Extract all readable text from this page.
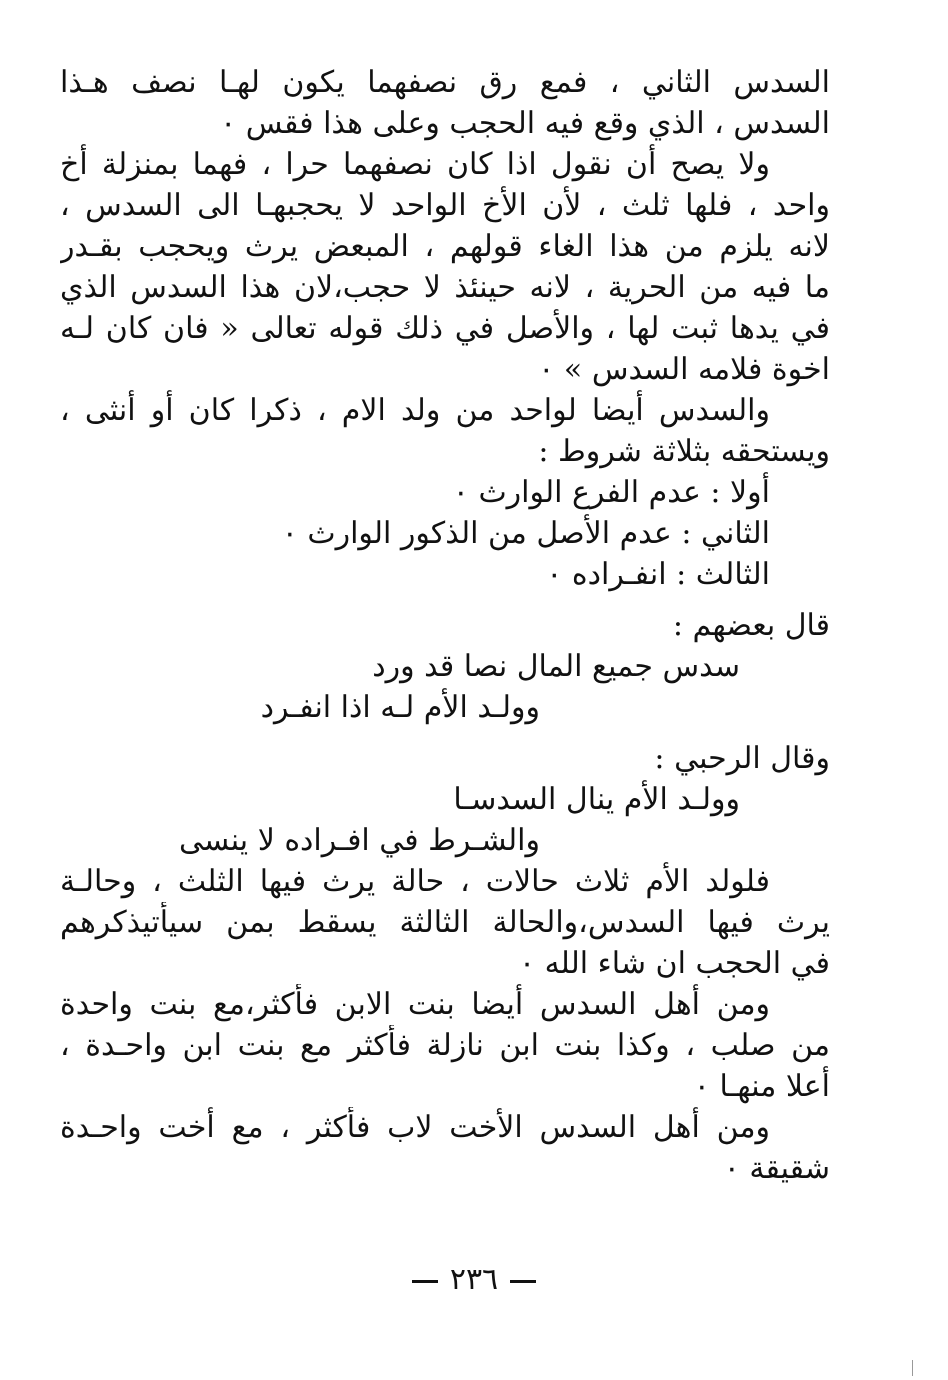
السدس الثاني ، فمع رق نصفهما يكون لهـا نصف هـذا
السدس ، الذي وقع فيه الحجب وعلى هذا فقس ٠
ولا يصح أن نقول اذا كان نصفهما حرا ، فهما بمنزلة أخ
واحد ، فلها ثلث ، لأن الأخ الواحد لا يحجبهـا الى السدس ،
لانه يلزم من هذا الغاء قولهم ، المبعض يرث ويحجب بقـدر
ما فيه من الحرية ، لانه حينئذ لا حجب،لان هذا السدس الذي
في يدها ثبت لها ، والأصل في ذلك قوله تعالى « فان كان لـه
اخوة فلامه السدس » ٠
والسدس أيضا لواحد من ولد الام ، ذكرا كان أو أنثى ،
ويستحقه بثلاثة شروط :
أولا : عدم الفرع الوارث ٠
الثاني : عدم الأصل من الذكور الوارث ٠
الثالث : انفـراده ٠
قال بعضهم :
سدس جميع المال نصا قد ورد
وولـد الأم لـه اذا انفـرد
وقال الرحبي :
وولـد الأم ينال السدسـا
والشـرط في افـراده لا ينسى
فلولد الأم ثلاث حالات ، حالة يرث فيها الثلث ، وحالـة
يرث فيها السدس،والحالة الثالثة يسقط بمن سيأتيذكرهم
في الحجب ان شاء الله ٠
ومن أهل السدس أيضا بنت الابن فأكثر،مع بنت واحدة
من صلب ، وكذا بنت ابن نازلة فأكثر مع بنت ابن واحـدة ،
أعلا منهـا ٠
ومن أهل السدس الأخت لاب فأكثر ، مع أخت واحـدة
شقيقة ٠
٢٣٦
